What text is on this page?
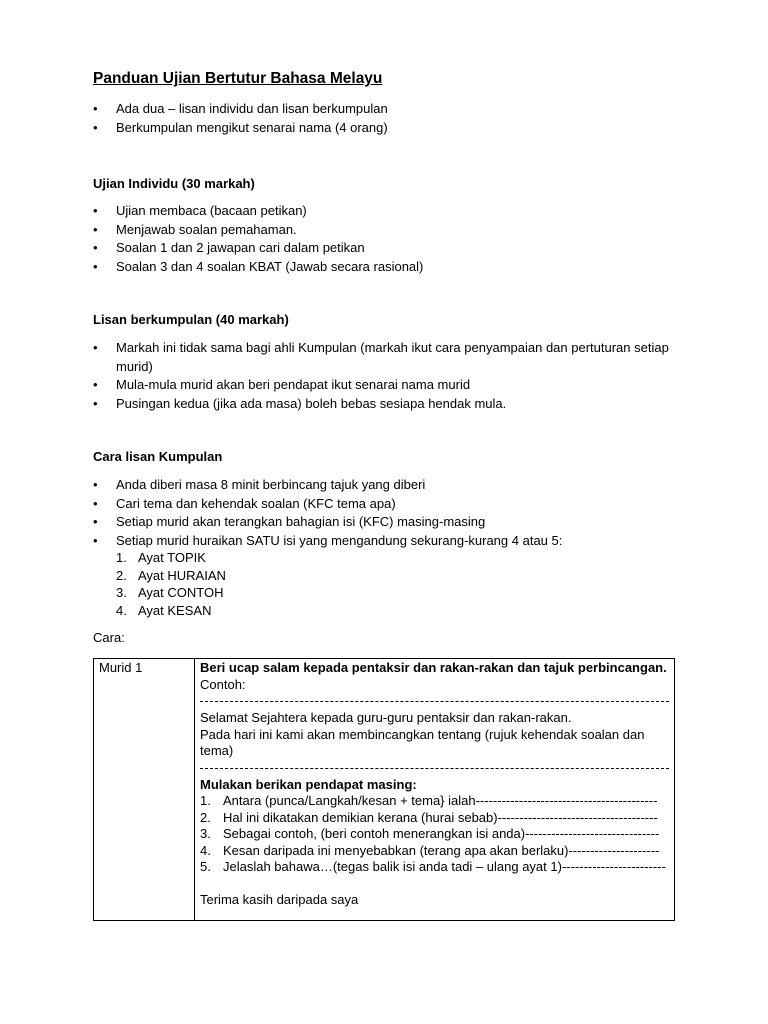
Panduan Ujian Bertutur Bahasa Melayu
• Ada dua – lisan individu dan lisan berkumpulan
• Berkumpulan mengikut senarai nama (4 orang)
Ujian Individu (30 markah)
• Ujian membaca (bacaan petikan)
• Menjawab soalan pemahaman.
• Soalan 1 dan 2 jawapan cari dalam petikan
• Soalan 3 dan 4 soalan KBAT (Jawab secara rasional)
Lisan berkumpulan (40 markah)
• Markah ini tidak sama bagi ahli Kumpulan (markah ikut cara penyampaian dan pertuturan setiap murid)
• Mula-mula murid akan beri pendapat ikut senarai nama murid
• Pusingan kedua (jika ada masa) boleh bebas sesiapa hendak mula.
Cara lisan Kumpulan
• Anda diberi masa 8 minit berbincang tajuk yang diberi
• Cari tema dan kehendak soalan (KFC tema apa)
• Setiap murid akan terangkan bahagian isi (KFC) masing-masing
• Setiap murid huraikan SATU isi yang mengandung sekurang-kurang 4 atau 5:
1. Ayat TOPIK
2. Ayat HURAIAN
3. Ayat CONTOH
4. Ayat KESAN

Cara:

Murid 1	Beri ucap salam kepada pentaksir dan rakan-rakan dan tajuk perbincangan.
Contoh:
Selamat Sejahtera kepada guru-guru pentaksir dan rakan-rakan.
Pada hari ini kami akan membincangkan tentang (rujuk kehendak soalan dan tema)
Mulakan berikan pendapat masing:
1. Antara (punca/Langkah/kesan + tema} ialah ------------------------------------------
2. Hal ini dikatakan demikian kerana (hurai sebab) -------------------------------------
3. Sebagai contoh, (beri contoh menerangkan isi anda) -------------------------------
4. Kesan daripada ini menyebabkan (terang apa akan berlaku) ---------------------
5. Jelaslah bahawa…(tegas balik isi anda tadi – ulang ayat 1) ------------------------
Terima kasih daripada saya
